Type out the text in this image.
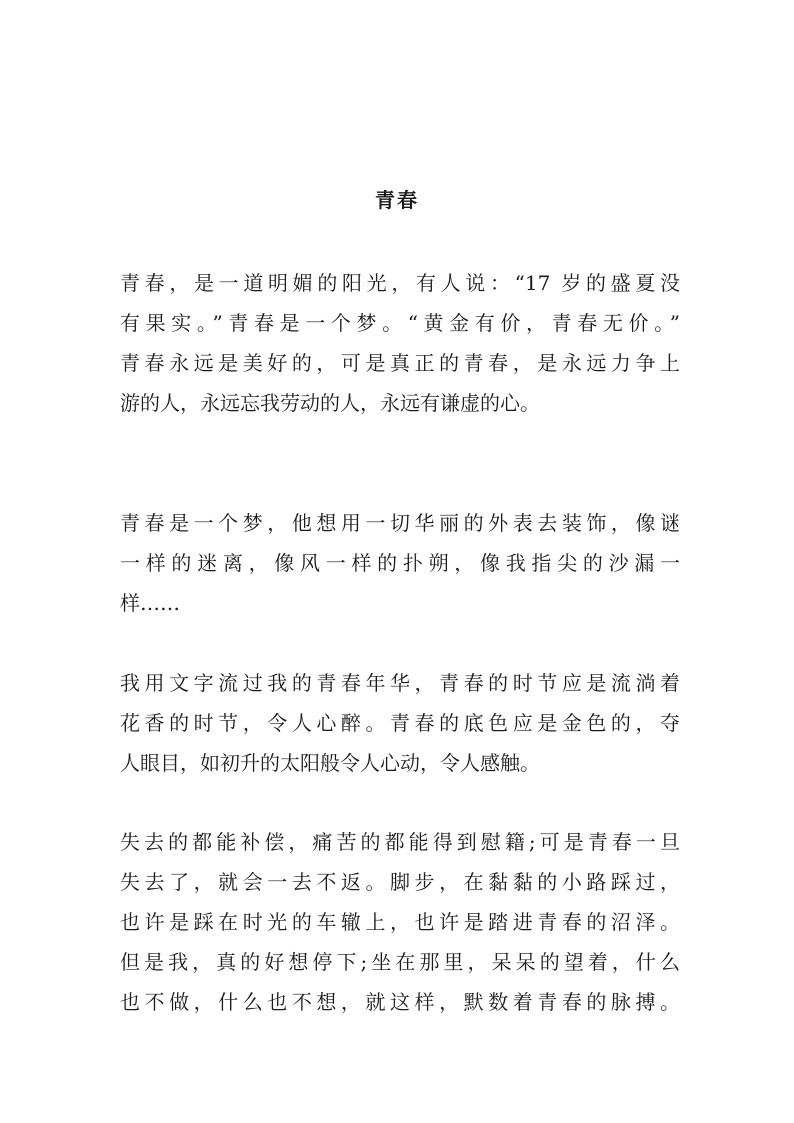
青春
青春，是一道明媚的阳光，有人说：“17 岁的盛夏没
有果实。”青春是一个梦。“黄金有价，青春无价。”
青春永远是美好的，可是真正的青春，是永远力争上
游的人，永远忘我劳动的人，永远有谦虚的心。
青春是一个梦，他想用一切华丽的外表去装饰，像谜
一样的迷离，像风一样的扑朔，像我指尖的沙漏一
样……
我用文字流过我的青春年华，青春的时节应是流淌着
花香的时节，令人心醉。青春的底色应是金色的，夺
人眼目，如初升的太阳般令人心动，令人感触。
失去的都能补偿，痛苦的都能得到慰籍;可是青春一旦
失去了，就会一去不返。脚步，在黏黏的小路踩过，
也许是踩在时光的车辙上，也许是踏进青春的沼泽。
但是我，真的好想停下;坐在那里，呆呆的望着，什么
也不做，什么也不想，就这样，默数着青春的脉搏。
